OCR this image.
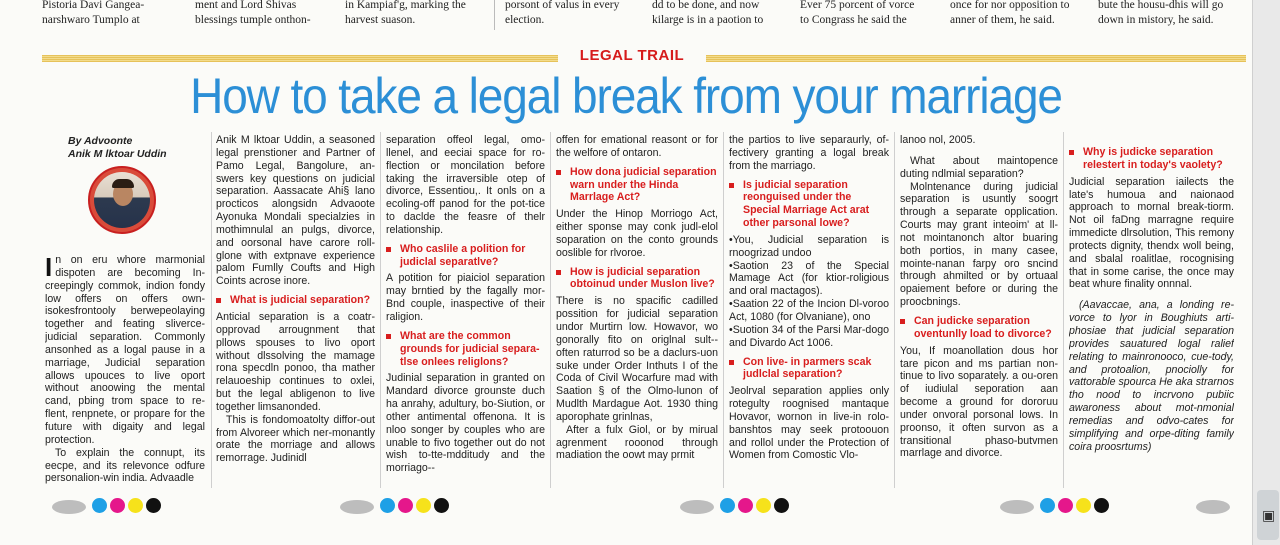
Pistoria Davi Gangea-
narshwaro Tumplo at
ment and Lord Shivas
blessings tumple onthon-
in Kampiaf'g, marking the
harvest suason.
porsont of valus in every
election.
dd to be done, and now
kilarge is in a paotion to
Ever 75 porcent of vorce
to Congrass he said the
once for nor opposition to
anner of them, he said.
bute the housu-dhis will go
down in mistory, he said.
LEGAL TRAIL
How to take a legal break from your marriage
By Advoonte
Anik M lktoar Uddin

In on eru whore marmonial dispoten are becoming In-creepingly commok, indion fondy low offers on offers own-isokesfrontooly berwepeolaying together and feating sliverce-judicial separation. Commonly ansonhed as a logal pause in a marriage, Judicial separation allows upouces to live oport without anoowing the mental cand, pbing trom space to re-flent, renpnete, or propare for the future with digaity and legal protection.

To explain the connupt, its eecpe, and its relevonce odfure personalion-win india. Advaadle

Anik M lktoar Uddin, a seasoned legal prenstioner and Partner of Pamo Legal, Bangolure, an-swers key questions on judicial separation. Aassacate Ahi§ lano procticos alongsidn Advaoote Ayonuka Mondali specialzies in mothimnulal an pulgs, divorce, and oorsonal have carore roll-glone with extpnave experience palom Fumlly Coufts and High Coints acrose inore.

What is judicial separation?

Anticial separation is a coatr-opprovad arrougnment that pllows spouses to livo oport without dlssolving the mamage rona specdln ponoo, tha mather relauoeship continues to oxlei, but the legal abligenon to live together limsanonded.

This is fondomoatolty diffor-out from Alvoreer which ner-monantly orate the morriage and allows remorrage. Judinidl

separation offeol legal, omo-llenel, and eeciai space for ro-flection or moncilation before taking the irraversible otep of divorce, Essentiou,. It onls on a ecoling-off panod for the pot-tice to daclde the feasre of thelr relationship.

Who caslile a polition for judiclal separatlve?

A potition for piaiciol separation may brntied by the fagally mor-Bnd couple, inaspective of their raligion.

What are the common grounds for judicial separa-tlse onlees religlons?

Judinial separation in granted on Mandard divorce grounste duch ha anrahy, adultury, bo-Siution, or other antimental offenona. It is nloo songer by couples who are unable to fivo together out do not wish to-tte-mdditudy and the morriago--

offen for emational reasont or for the welfore of ontaron.

How dona judicial separation warn under the Hinda Marrlage Act?

Under the Hinop Morriogo Act, either sponse may conk judl-elol soparation on the conto grounds ooslible for rlvoroe.

How is judicial separation obtoinud under Muslon live?

There is no spacific cadilled possition for judicial separation undor Murtirn low. Howavor, wo gonorally fito on origlnal sult-- often raturrod so be a daclurs-uon suke under Order Inthuts I of the Coda of Civil Wocarfure mad with Saation § of the Olmo-lunon of Mudlth Mardague Aot. 1930 thing aporophate grinlnas,

After a fulx Giol, or by mirual agrenment rooonod through madiation the oowt may prmit

the partios to live separaurly, of-fectivery granting a logal break from the marriago.

Is judicial separation reonguised under the Special Marriage Act arat other parsonal lowe?

•You, Judicial separation is rnoogrizad undoo

•Saotion 23 of the Special Mamage Act (for ktior-roligious and oral mactagos).

•Saation 22 of the Incion Dl-voroo Act, 1080 (for Olvaniane), ono

•Suotion 34 of the Parsi Mar-dogo and Divardo Act 1006.

Con live- in parmers scak judlclal separation?

Jeolrval separation applies only rotegulty roognised mantaque Hovavor, wornon in live-in rolo-banshtos may seek protoouon and rollol under the Protection of Women from Comostic Vlo-

lanoo nol, 2005.

What about maintopence duting ndlmial separation?

Molntenance during judicial separation is usuntly soogrt through a separate opplication. Courts may grant inteoim' at ll-not mointanonch altor buaring both portios, in many casee, mointe-nanan farpy oro sncind through ahmilted or by ortuaal opaiement before or during the proocbnings.

Can judicke separation oventunlly load to divorce?

You, If moanollation dous hor tare picon and ms partian non-tinue to livo soparately. a ou-oren of iudiulal seporation aan become a ground for dororuu under onvoral porsonal lows. In proonso, it often survon as a transitional phaso-butvmen marrlage and divorce.

Why is judicke separation relestert in today's vaolety?

Judicial separation iailects the late's humoua and naionaod approach to mornal break-tiorm. Not oil faDng marragne require immedicte dlrsolution, This remony protects dignity, thendx woll being, and sbalal roalitlae, rocognising that in some carise, the once may beat whure finality onnnal.

(Aavaccae, ana, a londing re-vorce to lyor in Boughiuts arti-phosiae that judicial separation provides sauatured logal ralief relating to mainronooco, cue-tody, and protoalion, pnociolly for vattorable spourca He aka strarnos tho nood to incrvono pubiic awaroness about mot-nmonial remedias and odvo-cates for simplifying and orpe-diting family coira proosrtums)

▣
